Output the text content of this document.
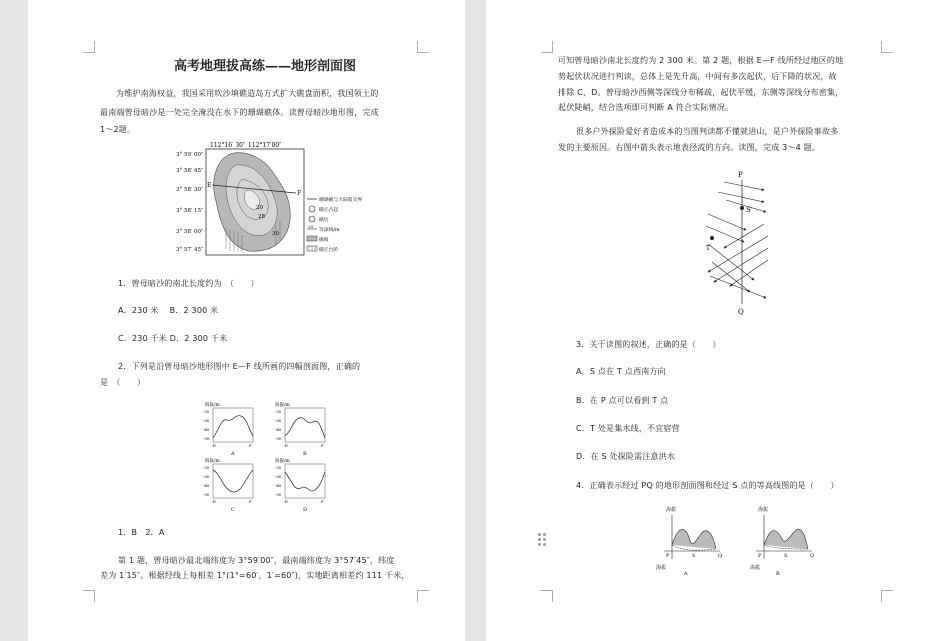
高考地理拔高练——地形剖面图
为维护南海权益，我国采用吹沙填礁造岛方式扩大礁盘面积，我国领土的
最南端曾母暗沙是一处完全淹没在水下的珊瑚礁体。读曾母暗沙地形图，完成
1～2题。
112°16′ 30″ 112°17′00″
3° 59′ 00″
3° 58′ 45″
3° 58′ 30″
3° 58′ 15″
3° 58′ 00″
3° 57′ 45″
E
F
20
28
30
珊瑚礁与大陆架交界
礁丘凸起
礁坑
20
等深线/m
礁坡
礁丘台阶
1．曾母暗沙的南北长度约为　（　　）
A．230 米　 B．2 300 米
C．230 千米 D．2 300 千米
2．下列是沿曾母暗沙地形图中 E—F 线所画的四幅剖面图，正确的
是　（　　）
海拔/m
-20
-30
-40
-50
E	F
A
海拔/m
-20
-30
-40
-50
E	F
B
海拔/m
-20
-30
-40
-50
E	F
C
海拔/m
-20
-30
-40
-50
E	F
D
1．B　2．A
第 1 题，曾母暗沙最北端纬度为 3°59′00″，最南端纬度为 3°57′45″，纬度
差为 1′15″。根据经线上每相差 1°(1°=60′，1′=60″)，实地距离相差约 111 千米，
可知曾母暗沙南北长度约为 2 300 米。第 2 题，根据 E—F 线所经过地区的地
势起伏状况进行判读，总体上是先升高，中间有多次起伏，后下降的状况，故
排除 C、D。曾母暗沙西侧等深线分布稀疏，起伏平缓，东侧等深线分布密集，
起伏陡峭，结合选项即可判断 A 符合实际情况。
很多户外探险爱好者造成本的当图判读都不懂就进山，是户外探险事故多
发的主要原因。右图中箭头表示地表径流的方向。读图，完成 3～4 题。
P
Q
S
T
3．关于读图的叙述，正确的是（　　）
A．S 点在 T 点西南方向
B．在 P 点可以看到 T 点
C．T 处是集水线，不宜宿营
D．在 S 处探险需注意洪水
4．正确表示经过 PQ 的地形剖面图和经过 S 点的等高线图的是（　　）
海拔
P	S	Q
海拔
A
海拔
P	S	Q
海拔
B
